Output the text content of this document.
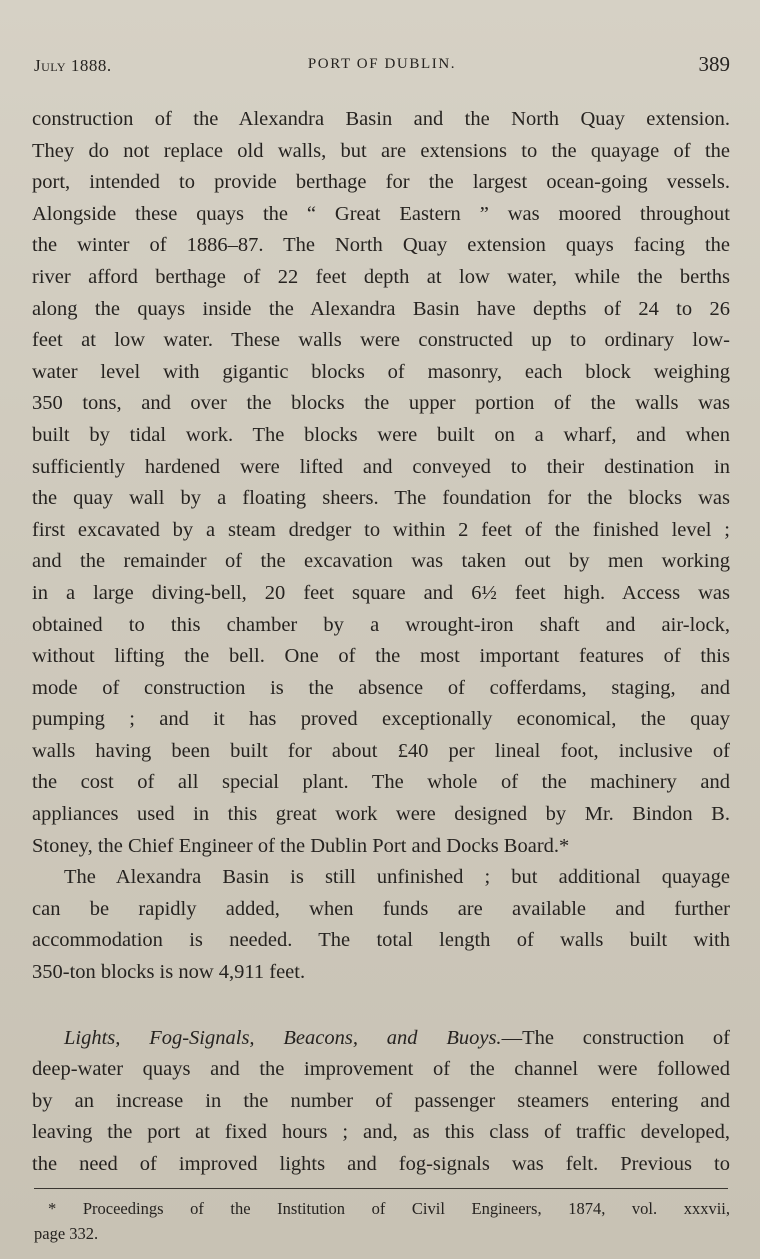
July 1888.	PORT OF DUBLIN.	389
construction of the Alexandra Basin and the North Quay extension.
They do not replace old walls, but are extensions to the quayage of the
port, intended to provide berthage for the largest ocean-going vessels.
Alongside these quays the “ Great Eastern ” was moored throughout
the winter of 1886–87. The North Quay extension quays facing the
river afford berthage of 22 feet depth at low water, while the berths
along the quays inside the Alexandra Basin have depths of 24 to 26
feet at low water. These walls were constructed up to ordinary low-
water level with gigantic blocks of masonry, each block weighing
350 tons, and over the blocks the upper portion of the walls was
built by tidal work. The blocks were built on a wharf, and when
sufficiently hardened were lifted and conveyed to their destination in
the quay wall by a floating sheers. The foundation for the blocks was
first excavated by a steam dredger to within 2 feet of the finished level ;
and the remainder of the excavation was taken out by men working
in a large diving-bell, 20 feet square and 6½ feet high. Access was
obtained to this chamber by a wrought-iron shaft and air-lock,
without lifting the bell. One of the most important features of this
mode of construction is the absence of cofferdams, staging, and
pumping ; and it has proved exceptionally economical, the quay
walls having been built for about £40 per lineal foot, inclusive of
the cost of all special plant. The whole of the machinery and
appliances used in this great work were designed by Mr. Bindon B.
Stoney, the Chief Engineer of the Dublin Port and Docks Board.*
The Alexandra Basin is still unfinished ; but additional quayage
can be rapidly added, when funds are available and further
accommodation is needed. The total length of walls built with
350-ton blocks is now 4,911 feet.
Lights, Fog-Signals, Beacons, and Buoys.—The construction of
deep-water quays and the improvement of the channel were followed
by an increase in the number of passenger steamers entering and
leaving the port at fixed hours ; and, as this class of traffic developed,
the need of improved lights and fog-signals was felt. Previous to
* Proceedings of the Institution of Civil Engineers, 1874, vol. xxxvii,
page 332.
